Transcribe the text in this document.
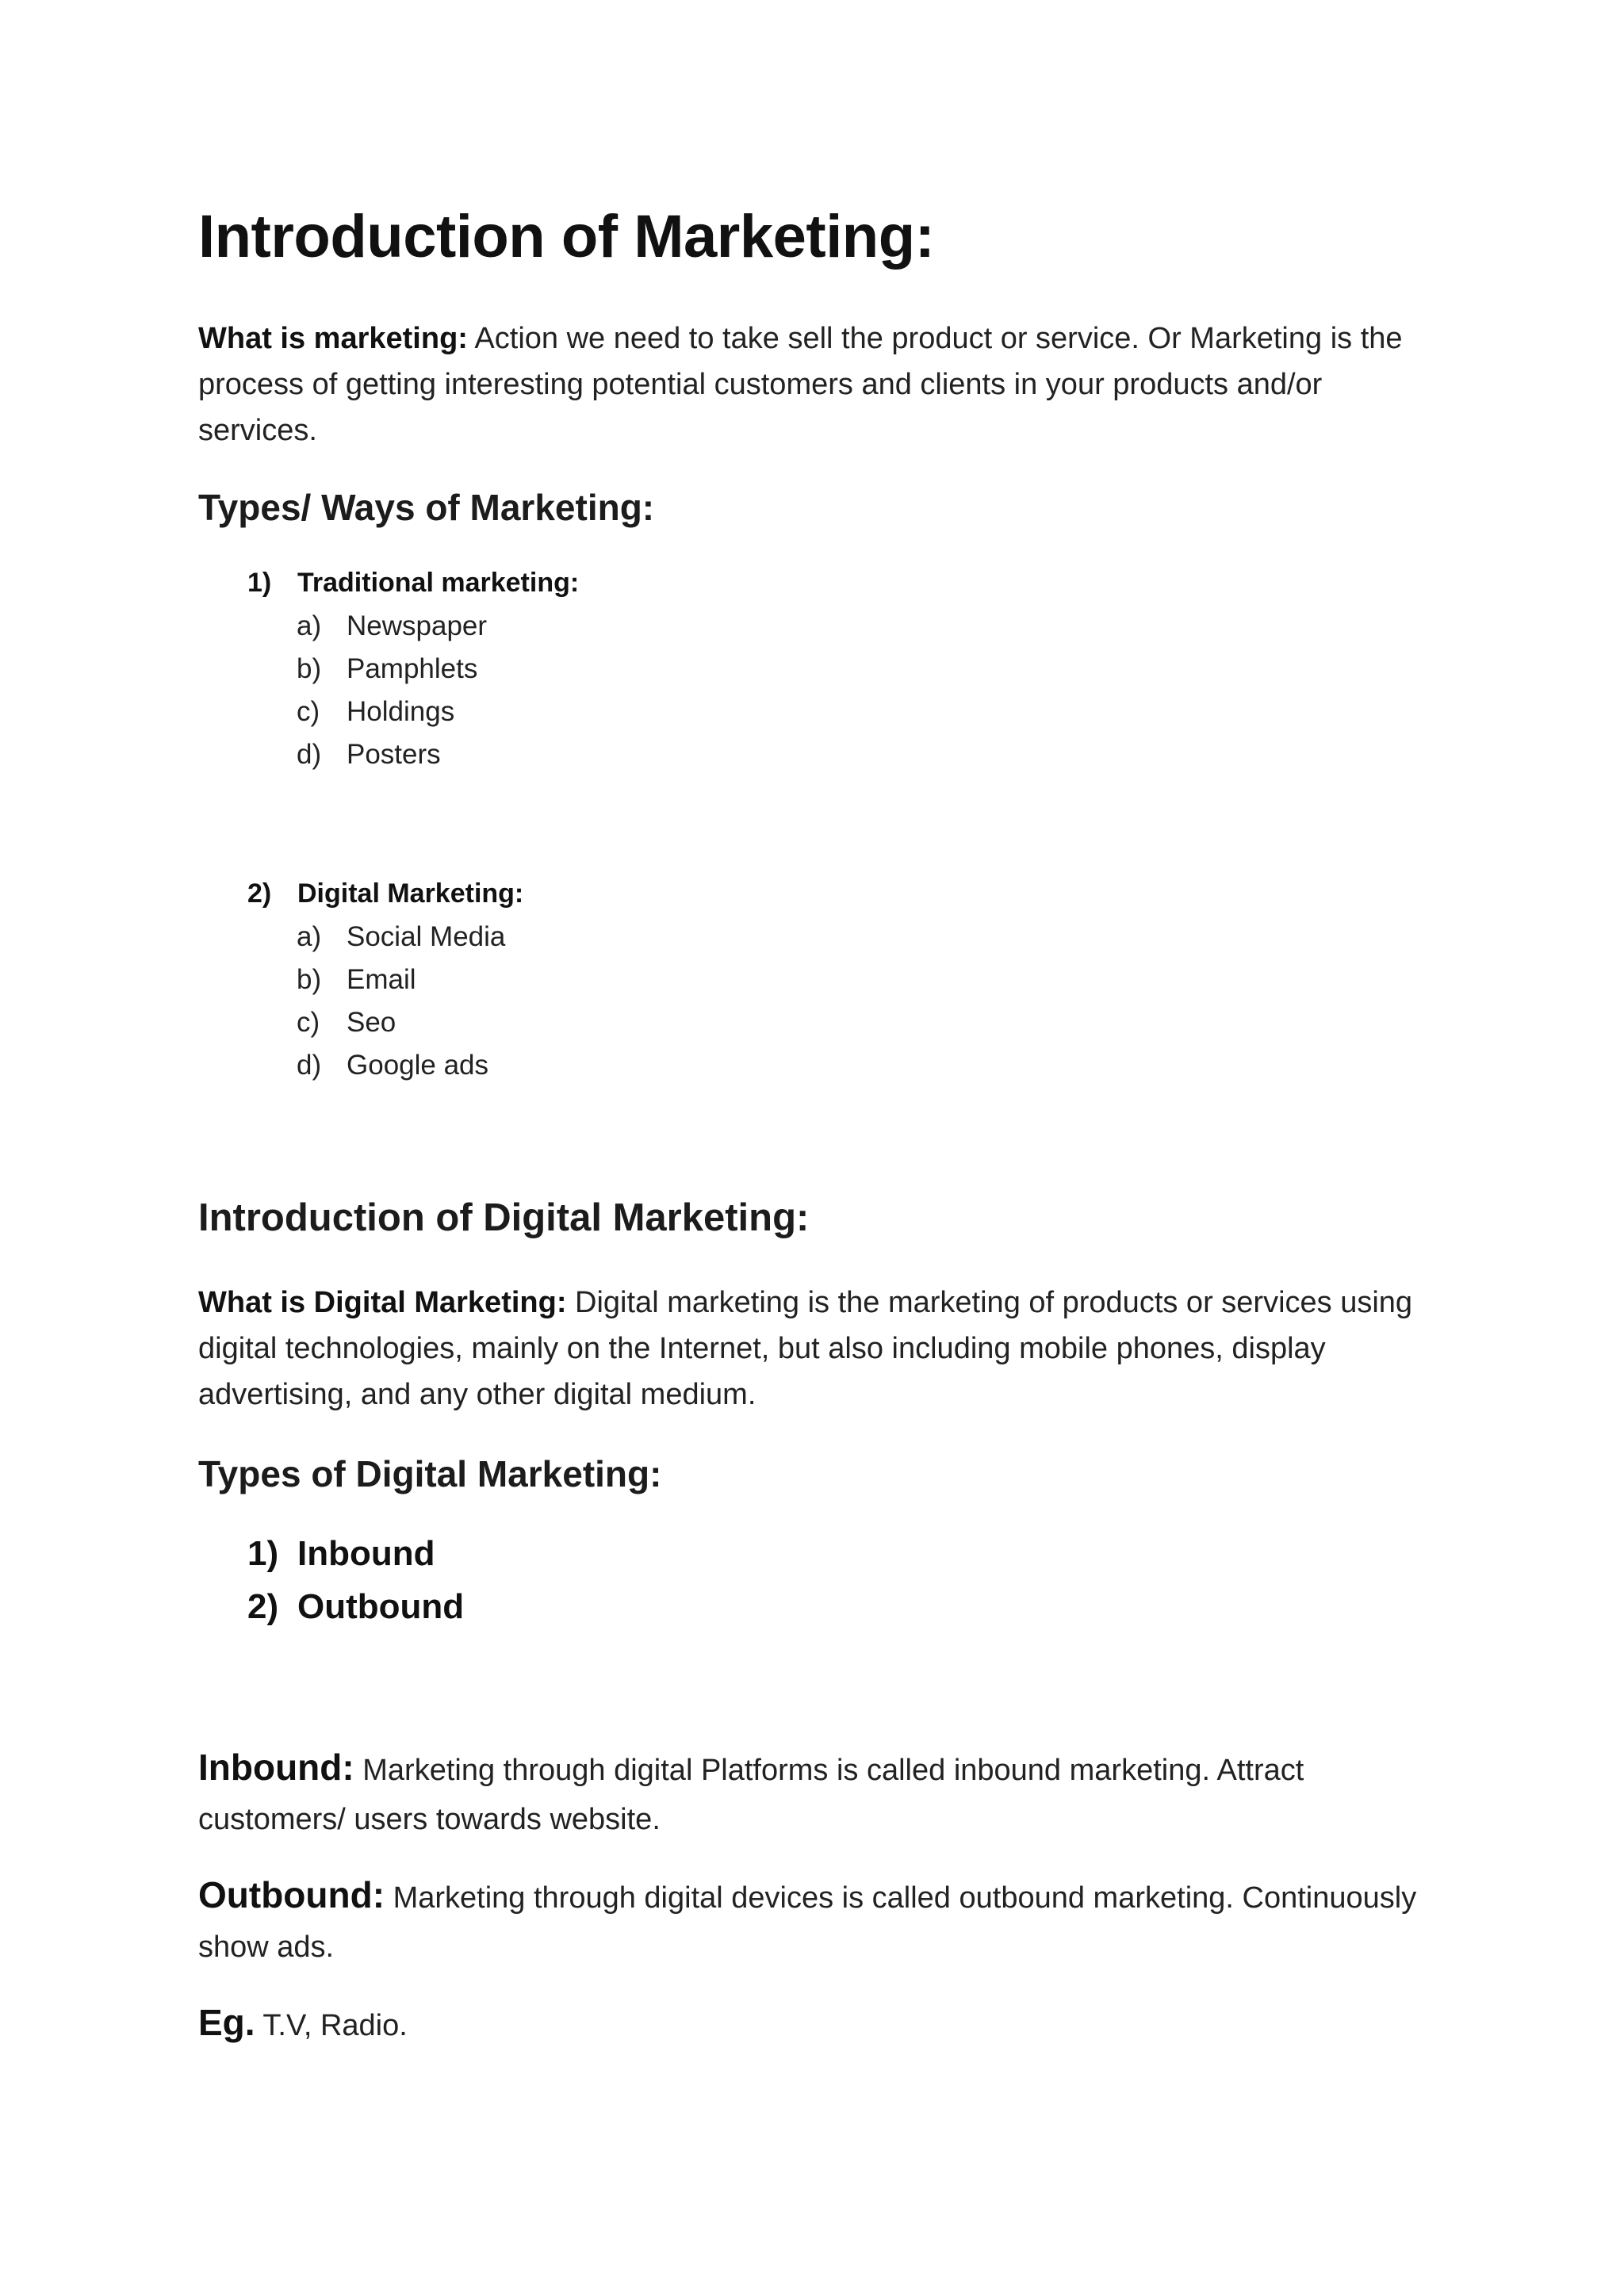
Introduction of Marketing:
What is marketing: Action we need to take sell the product or service. Or Marketing is the process of getting interesting potential customers and clients in your products and/or services.
Types/ Ways of Marketing:
1) Traditional marketing:
a) Newspaper
b) Pamphlets
c) Holdings
d) Posters
2) Digital Marketing:
a) Social Media
b) Email
c) Seo
d) Google ads
Introduction of Digital Marketing:
What is Digital Marketing: Digital marketing is the marketing of products or services using digital technologies, mainly on the Internet, but also including mobile phones, display advertising, and any other digital medium.
Types of Digital Marketing:
1) Inbound
2) Outbound
Inbound: Marketing through digital Platforms is called inbound marketing. Attract customers/ users towards website.
Outbound: Marketing through digital devices is called outbound marketing. Continuously show ads.
Eg. T.V, Radio.
